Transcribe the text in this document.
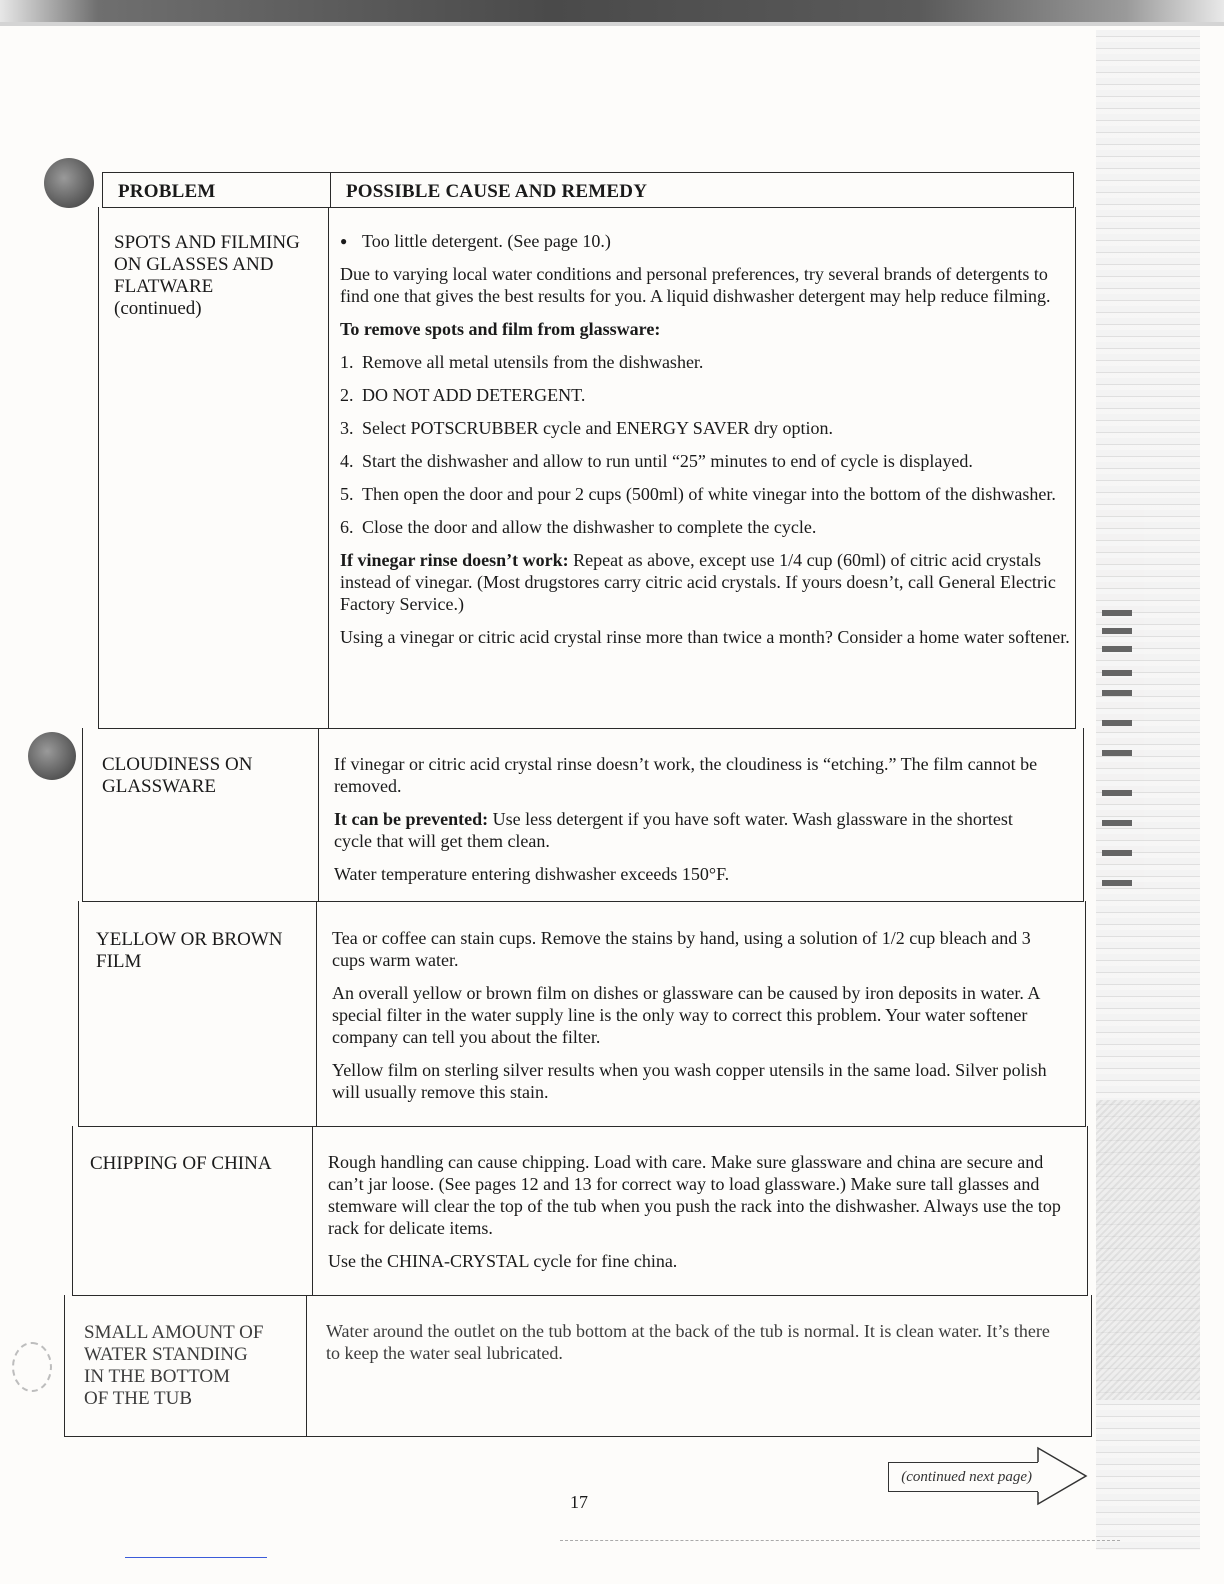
PROBLEM	POSSIBLE CAUSE AND REMEDY
SPOTS AND FILMING
ON GLASSES AND
FLATWARE
(continued)

● Too little detergent. (See page 10.)

Due to varying local water conditions and personal preferences, try several brands of detergents to find one that gives the best results for you. A liquid dishwasher detergent may help reduce filming.

To remove spots and film from glassware:

1. Remove all metal utensils from the dishwasher.
2. DO NOT ADD DETERGENT.
3. Select POTSCRUBBER cycle and ENERGY SAVER dry option.
4. Start the dishwasher and allow to run until “25” minutes to end of cycle is displayed.
5. Then open the door and pour 2 cups (500ml) of white vinegar into the bottom of the dishwasher.
6. Close the door and allow the dishwasher to complete the cycle.

If vinegar rinse doesn’t work: Repeat as above, except use 1/4 cup (60ml) of citric acid crystals instead of vinegar. (Most drugstores carry citric acid crystals. If yours doesn’t, call General Electric Factory Service.)

Using a vinegar or citric acid crystal rinse more than twice a month? Consider a home water softener.

CLOUDINESS ON
GLASSWARE

If vinegar or citric acid crystal rinse doesn’t work, the cloudiness is “etching.” The film cannot be removed.

It can be prevented: Use less detergent if you have soft water. Wash glassware in the shortest cycle that will get them clean.

Water temperature entering dishwasher exceeds 150°F.

YELLOW OR BROWN
FILM

Tea or coffee can stain cups. Remove the stains by hand, using a solution of 1/2 cup bleach and 3 cups warm water.

An overall yellow or brown film on dishes or glassware can be caused by iron deposits in water. A special filter in the water supply line is the only way to correct this problem. Your water softener company can tell you about the filter.

Yellow film on sterling silver results when you wash copper utensils in the same load. Silver polish will usually remove this stain.

CHIPPING OF CHINA	Rough handling can cause chipping. Load with care. Make sure glassware and china are secure and can’t jar loose. (See pages 12 and 13 for correct way to load glassware.) Make sure tall glasses and stemware will clear the top of the tub when you push the rack into the dishwasher. Always use the top rack for delicate items.

Use the CHINA-CRYSTAL cycle for fine china.

SMALL AMOUNT OF
WATER STANDING
IN THE BOTTOM
OF THE TUB

Water around the outlet on the tub bottom at the back of the tub is normal. It is clean water. It’s there to keep the water seal lubricated.

(continued next page)
17
